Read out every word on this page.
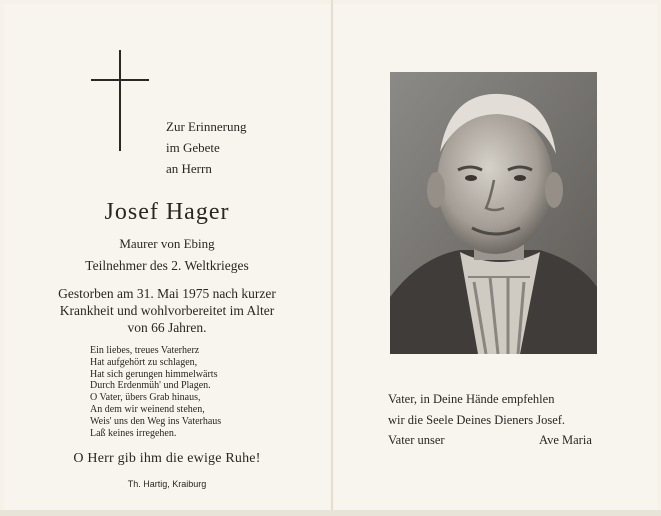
Zur Erinnerung
im Gebete
an Herrn
Josef Hager
Maurer von Ebing
Teilnehmer des 2. Weltkrieges
Gestorben am 31. Mai 1975 nach kurzer
Krankheit und wohlvorbereitet im Alter
von 66 Jahren.
Ein liebes, treues Vaterherz
Hat aufgehört zu schlagen,
Hat sich gerungen himmelwärts
Durch Erdenmüh' und Plagen.
O Vater, übers Grab hinaus,
An dem wir weinend stehen,
Weis' uns den Weg ins Vaterhaus
Laß keines irregehen.
O Herr gib ihm die ewige Ruhe!
Th. Hartig, Kraiburg
Vater, in Deine Hände empfehlen
wir die Seele Deines Dieners Josef.
Vater unser	Ave Maria
